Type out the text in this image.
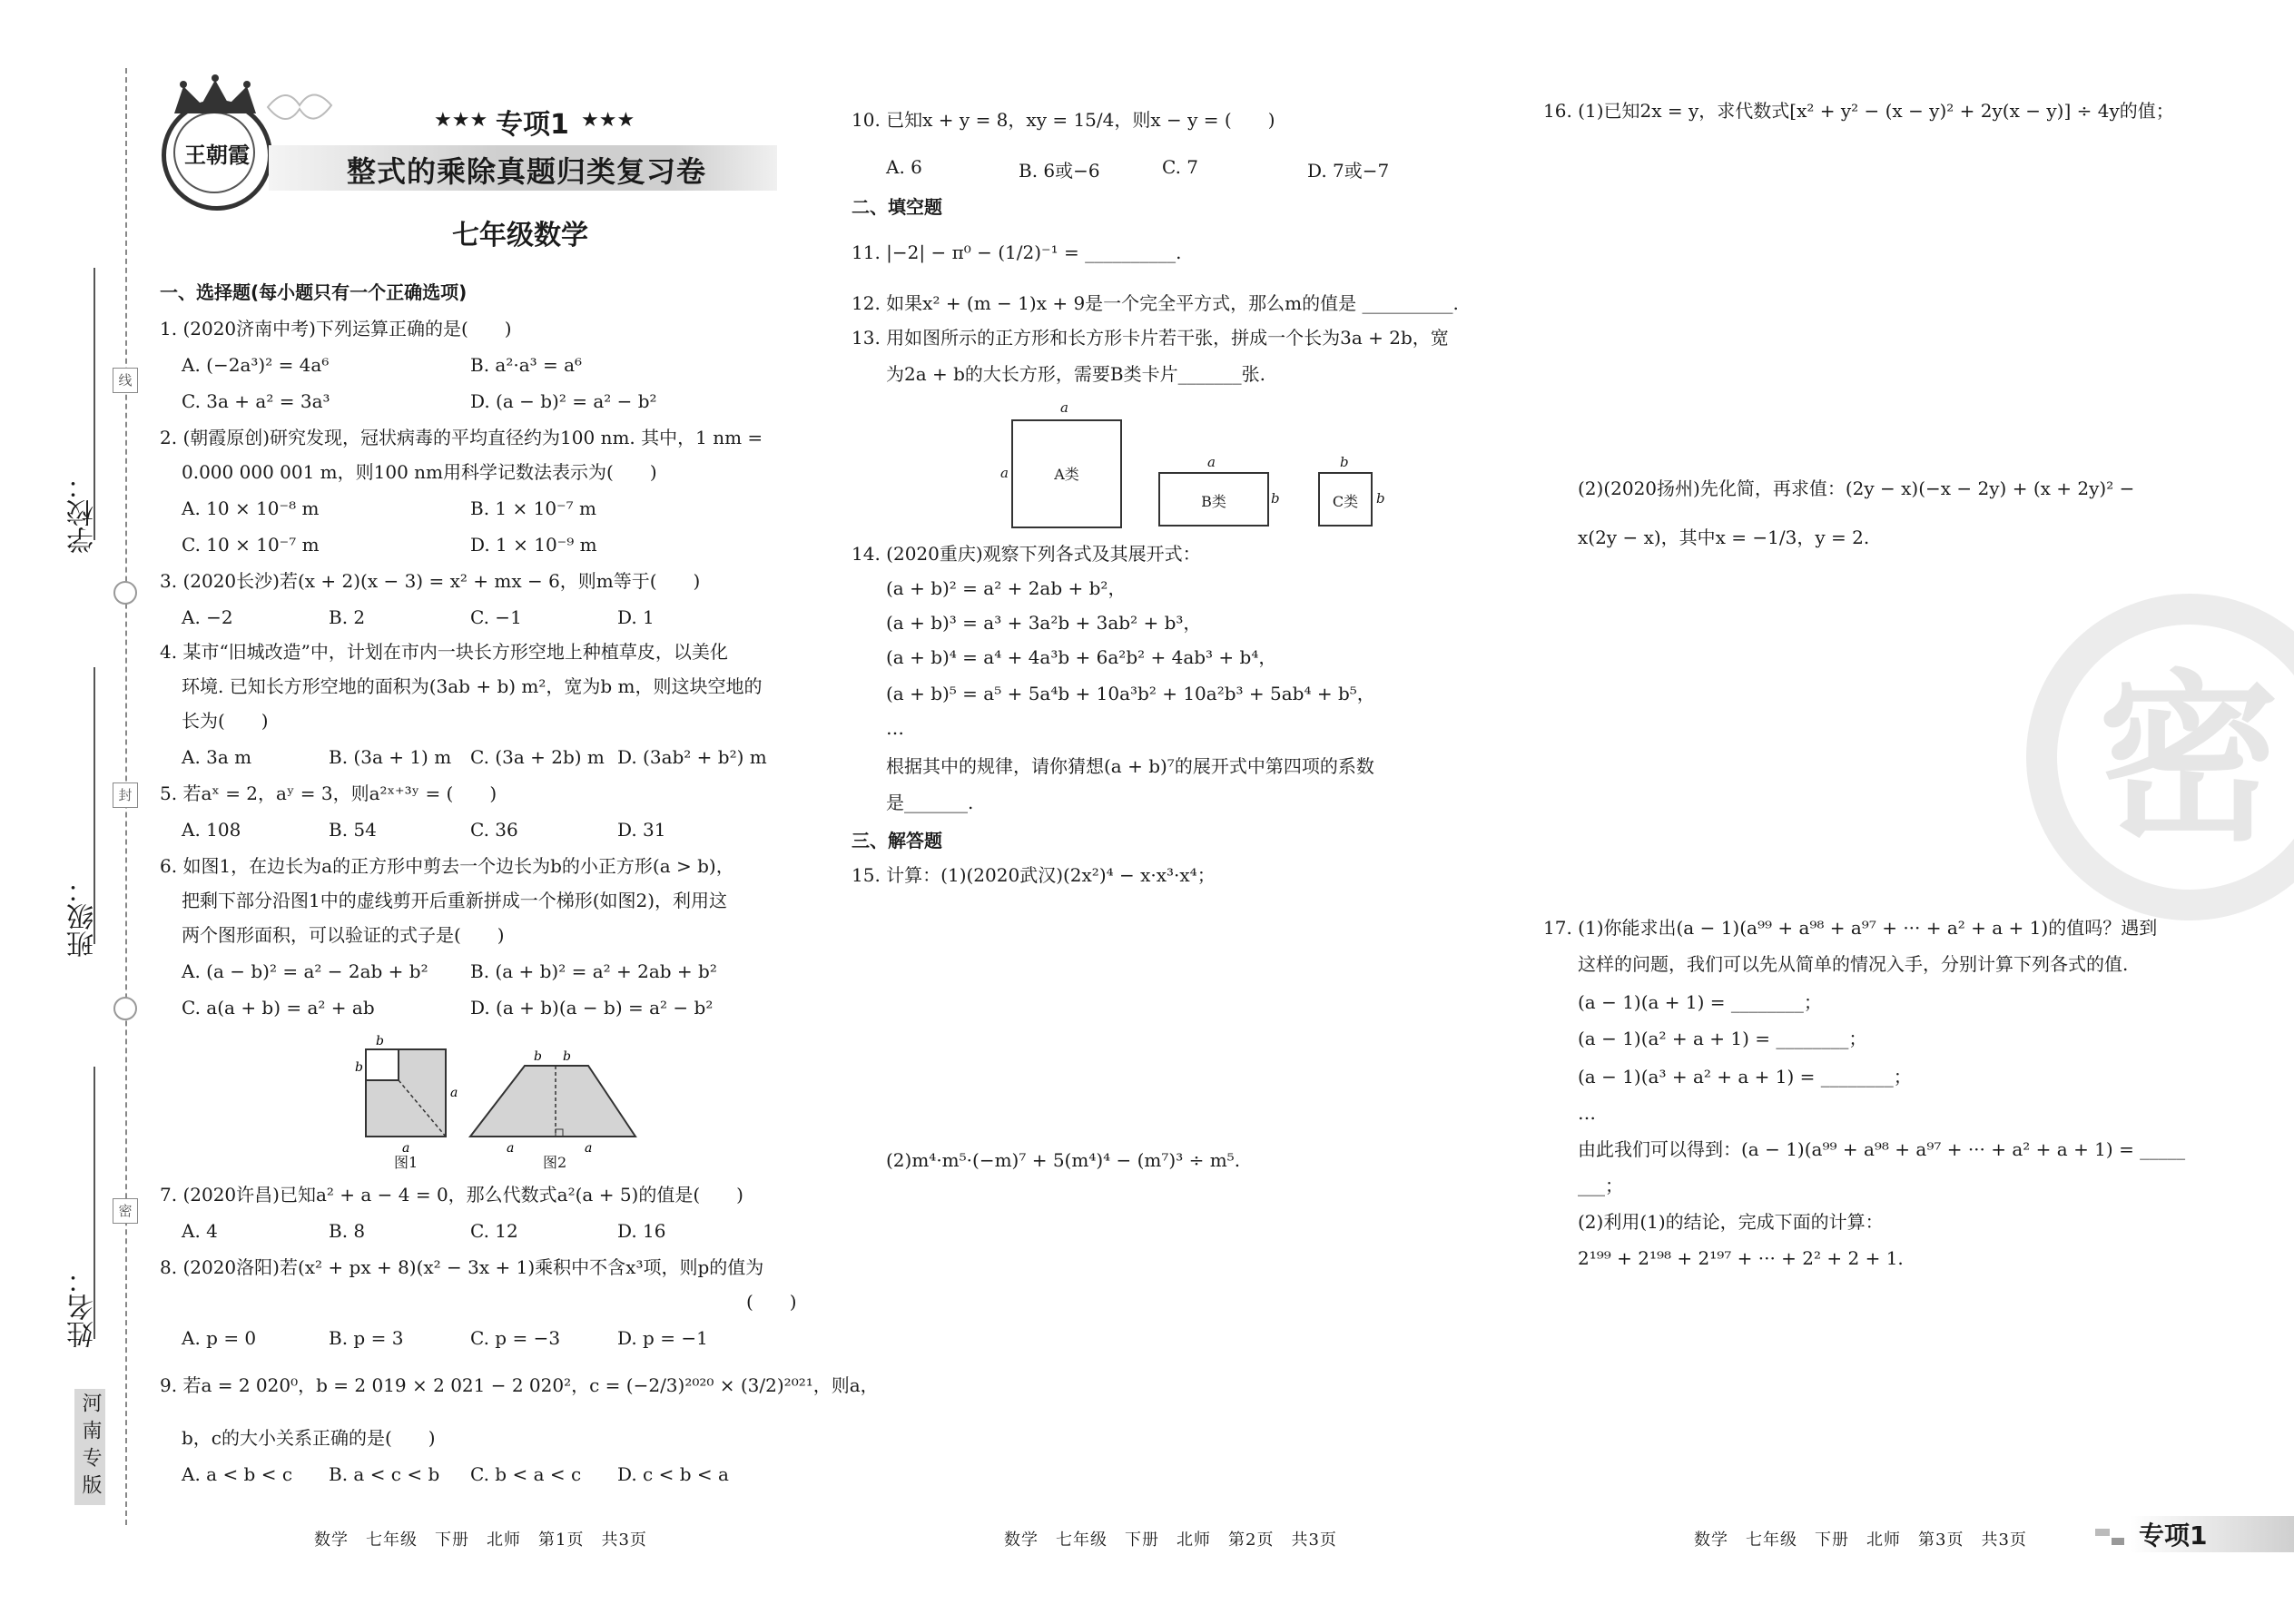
学校：
班级：
姓名：
线
封
密
河南专版
王朝霞
★★★ 专项1 ★★★
整式的乘除真题归类复习卷
七年级数学
一、选择题(每小题只有一个正确选项)
1. (2020济南中考)下列运算正确的是(　　)
A. (−2a³)² = 4a⁶	B. a²·a³ = a⁶
C. 3a + a² = 3a³	D. (a − b)² = a² − b²
2. (朝霞原创)研究发现，冠状病毒的平均直径约为100 nm. 其中，1 nm =
0.000 000 001 m，则100 nm用科学记数法表示为(　　)
A. 10 × 10⁻⁸ m	B. 1 × 10⁻⁷ m
C. 10 × 10⁻⁷ m	D. 1 × 10⁻⁹ m
3. (2020长沙)若(x + 2)(x − 3) = x² + mx − 6，则m等于(　　)
A. −2	B. 2	C. −1	D. 1
4. 某市“旧城改造”中，计划在市内一块长方形空地上种植草皮，以美化
环境. 已知长方形空地的面积为(3ab + b) m²，宽为b m，则这块空地的
长为(　　)
A. 3a m	B. (3a + 1) m C. (3a + 2b) m D. (3ab² + b²) m
5. 若aˣ = 2，aʸ = 3，则a²ˣ⁺³ʸ = (　　)
A. 108	B. 54	C. 36	D. 31
6. 如图1，在边长为a的正方形中剪去一个边长为b的小正方形(a > b)，
把剩下部分沿图1中的虚线剪开后重新拼成一个梯形(如图2)，利用这
两个图形面积，可以验证的式子是(　　)
A. (a − b)² = a² − 2ab + b² B. (a + b)² = a² + 2ab + b²
C. a(a + b) = a² + ab	D. (a + b)(a − b) = a² − b²
b
b
a
a
b b
a	a
图1	图2
7. (2020许昌)已知a² + a − 4 = 0，那么代数式a²(a + 5)的值是(　　)
A. 4	B. 8	C. 12	D. 16
8. (2020洛阳)若(x² + px + 8)(x² − 3x + 1)乘积中不含x³项，则p的值为
(　　)
A. p = 0	B. p = 3	C. p = −3	D. p = −1
9. 若a = 2 020⁰，b = 2 019 × 2 021 − 2 020²，c = (−2/3)²⁰²⁰ × (3/2)²⁰²¹，则a，
b，c的大小关系正确的是(　　)
A. a < b < c B. a < c < b C. b < a < c D. c < b < a
10. 已知x + y = 8，xy = 15/4，则x − y = (　　)
A. 6	B. 6或−6	C. 7	D. 7或−7
二、填空题
11. |−2| − π⁰ − (1/2)⁻¹ = __________.
12. 如果x² + (m − 1)x + 9是一个完全平方式，那么m的值是 __________.
13. 用如图所示的正方形和长方形卡片若干张，拼成一个长为3a + 2b，宽
为2a + b的大长方形，需要B类卡片_______张.
A类
a
a
B类
a
b	C类
b
b
14. (2020重庆)观察下列各式及其展开式：
(a + b)² = a² + 2ab + b²，
(a + b)³ = a³ + 3a²b + 3ab² + b³，
(a + b)⁴ = a⁴ + 4a³b + 6a²b² + 4ab³ + b⁴，
(a + b)⁵ = a⁵ + 5a⁴b + 10a³b² + 10a²b³ + 5ab⁴ + b⁵，
…
根据其中的规律，请你猜想(a + b)⁷的展开式中第四项的系数
是_______.
三、解答题
15. 计算：(1)(2020武汉)(2x²)⁴ − x·x³·x⁴；
(2)m⁴·m⁵·(−m)⁷ + 5(m⁴)⁴ − (m⁷)³ ÷ m⁵.
16. (1)已知2x = y，求代数式[x² + y² − (x − y)² + 2y(x − y)] ÷ 4y的值；
(2)(2020扬州)先化简，再求值：(2y − x)(−x − 2y) + (x + 2y)² −
x(2y − x)，其中x = −1/3，y = 2.
密
17. (1)你能求出(a − 1)(a⁹⁹ + a⁹⁸ + a⁹⁷ + ··· + a² + a + 1)的值吗？遇到
这样的问题，我们可以先从简单的情况入手，分别计算下列各式的值.
(a − 1)(a + 1) = ________；
(a − 1)(a² + a + 1) = ________；
(a − 1)(a³ + a² + a + 1) = ________；
…
由此我们可以得到：(a − 1)(a⁹⁹ + a⁹⁸ + a⁹⁷ + ··· + a² + a + 1) = _____
___；
(2)利用(1)的结论，完成下面的计算：
2¹⁹⁹ + 2¹⁹⁸ + 2¹⁹⁷ + ··· + 2² + 2 + 1.
数学　七年级　下册　北师　第1页　共3页	数学　七年级　下册　北师　第2页　共3页	数学　七年级　下册　北师　第3页　共3页	专项1
